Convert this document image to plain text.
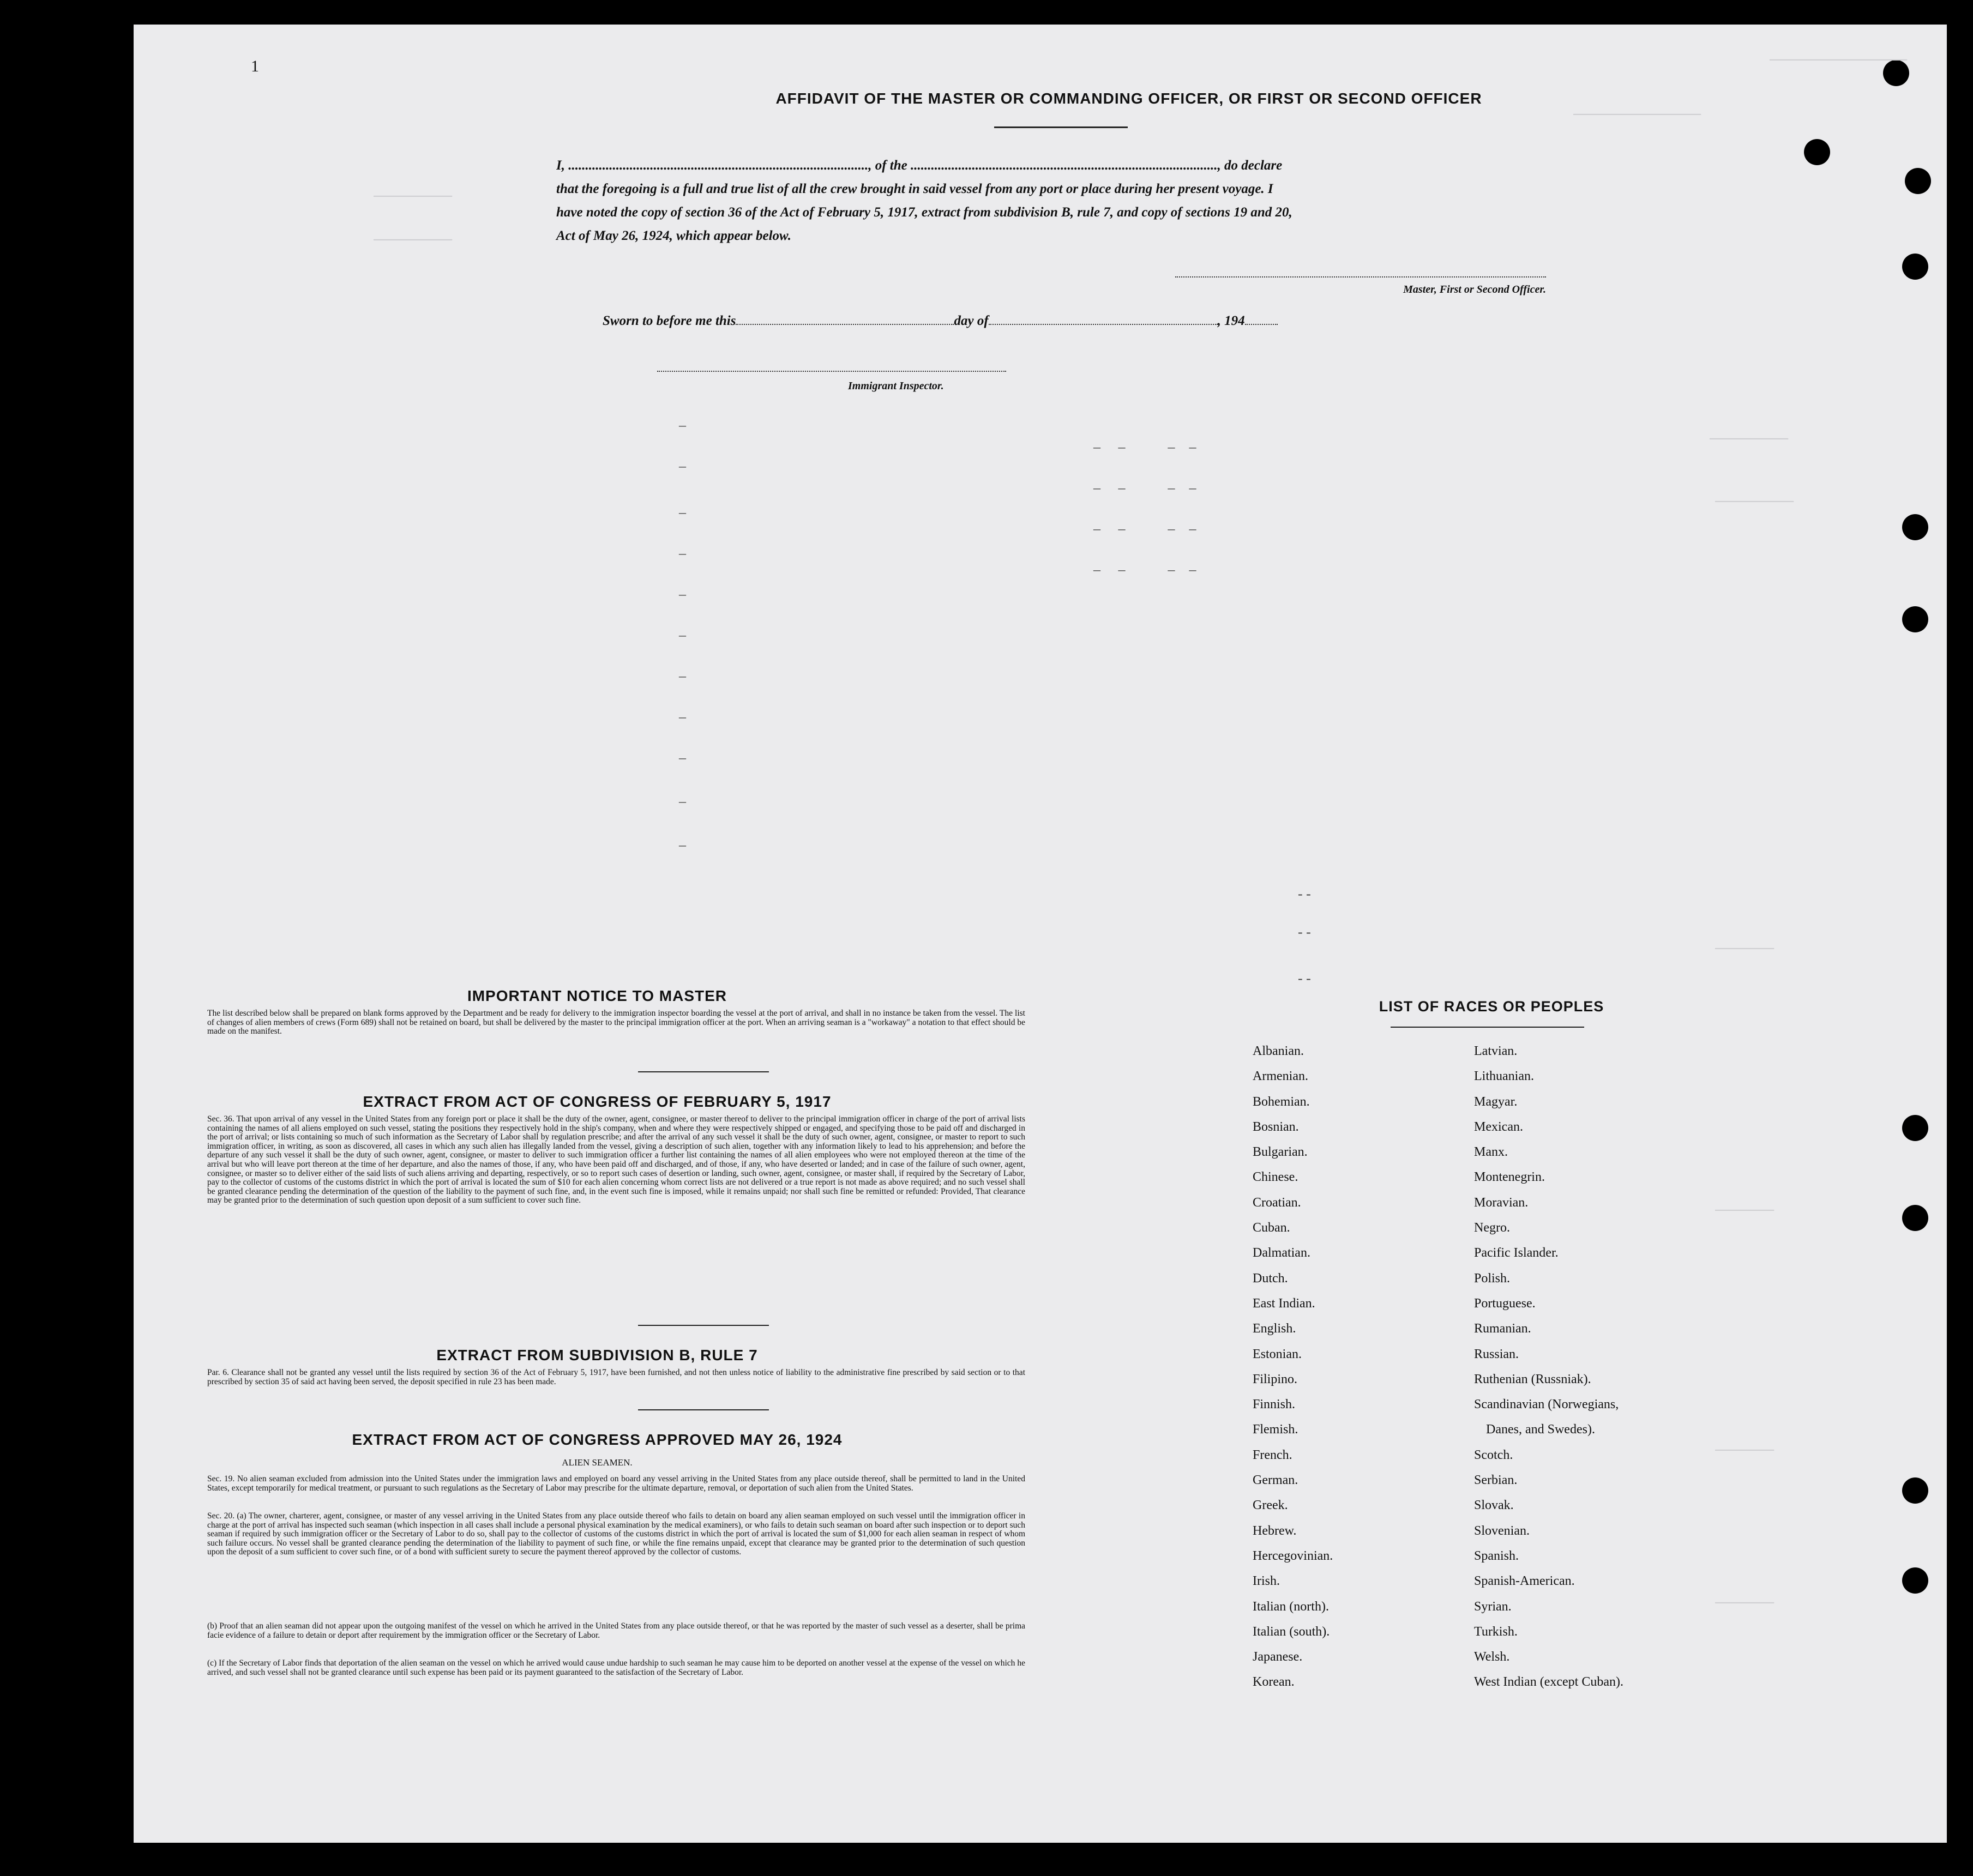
1
────────
────────
──────────────
─────────────
────────
────────
──────
──────
──────
──────
AFFIDAVIT OF THE MASTER OR COMMANDING OFFICER, OR FIRST OR SECOND OFFICER
I, ........................................................................................, of the .........................................................................................., do declare
that the foregoing is a full and true list of all the crew brought in said vessel from any port or place during her present voyage. I
have noted the copy of section 36 of the Act of February 5, 1917, extract from subdivision B, rule 7, and copy of sections 19 and 20,
Act of May 26, 1924, which appear below.
Master, First or Second Officer.
Sworn to before me this	day of	, 194
Immigrant Inspector.
–
–     –            –    –
–
–     –            –    –
–
–     –            –    –
–
–     –            –    –
–
–
–
–
–
–
–
- -
- -
- -
IMPORTANT NOTICE TO MASTER
The list described below shall be prepared on blank forms approved by the Department and be ready for delivery to the immigration inspector boarding the vessel at the port of arrival, and shall in no instance be taken from the vessel. The list of changes of alien members of crews (Form 689) shall not be retained on board, but shall be delivered by the master to the principal immigration officer at the port. When an arriving seaman is a "workaway" a notation to that effect should be made on the manifest.
EXTRACT FROM ACT OF CONGRESS OF FEBRUARY 5, 1917
Sec. 36. That upon arrival of any vessel in the United States from any foreign port or place it shall be the duty of the owner, agent, consignee, or master thereof to deliver to the principal immigration officer in charge of the port of arrival lists containing the names of all aliens employed on such vessel, stating the positions they respectively hold in the ship's company, when and where they were respectively shipped or engaged, and specifying those to be paid off and discharged in the port of arrival; or lists containing so much of such information as the Secretary of Labor shall by regulation prescribe; and after the arrival of any such vessel it shall be the duty of such owner, agent, consignee, or master to report to such immigration officer, in writing, as soon as discovered, all cases in which any such alien has illegally landed from the vessel, giving a description of such alien, together with any information likely to lead to his apprehension; and before the departure of any such vessel it shall be the duty of such owner, agent, consignee, or master to deliver to such immigration officer a further list containing the names of all alien employees who were not employed thereon at the time of the arrival but who will leave port thereon at the time of her departure, and also the names of those, if any, who have been paid off and discharged, and of those, if any, who have deserted or landed; and in case of the failure of such owner, agent, consignee, or master so to deliver either of the said lists of such aliens arriving and departing, respectively, or so to report such cases of desertion or landing, such owner, agent, consignee, or master shall, if required by the Secretary of Labor, pay to the collector of customs of the customs district in which the port of arrival is located the sum of $10 for each alien concerning whom correct lists are not delivered or a true report is not made as above required; and no such vessel shall be granted clearance pending the determination of the question of the liability to the payment of such fine, and, in the event such fine is imposed, while it remains unpaid; nor shall such fine be remitted or refunded: Provided, That clearance may be granted prior to the determination of such question upon deposit of a sum sufficient to cover such fine.
EXTRACT FROM SUBDIVISION B, RULE 7
Par. 6. Clearance shall not be granted any vessel until the lists required by section 36 of the Act of February 5, 1917, have been furnished, and not then unless notice of liability to the administrative fine prescribed by said section or to that prescribed by section 35 of said act having been served, the deposit specified in rule 23 has been made.
EXTRACT FROM ACT OF CONGRESS APPROVED MAY 26, 1924
ALIEN SEAMEN.
Sec. 19. No alien seaman excluded from admission into the United States under the immigration laws and employed on board any vessel arriving in the United States from any place outside thereof, shall be permitted to land in the United States, except temporarily for medical treatment, or pursuant to such regulations as the Secretary of Labor may prescribe for the ultimate departure, removal, or deportation of such alien from the United States.
Sec. 20. (a) The owner, charterer, agent, consignee, or master of any vessel arriving in the United States from any place outside thereof who fails to detain on board any alien seaman employed on such vessel until the immigration officer in charge at the port of arrival has inspected such seaman (which inspection in all cases shall include a personal physical examination by the medical examiners), or who fails to detain such seaman on board after such inspection or to deport such seaman if required by such immigration officer or the Secretary of Labor to do so, shall pay to the collector of customs of the customs district in which the port of arrival is located the sum of $1,000 for each alien seaman in respect of whom such failure occurs. No vessel shall be granted clearance pending the determination of the liability to payment of such fine, or while the fine remains unpaid, except that clearance may be granted prior to the determination of such question upon the deposit of a sum sufficient to cover such fine, or of a bond with sufficient surety to secure the payment thereof approved by the collector of customs.
(b) Proof that an alien seaman did not appear upon the outgoing manifest of the vessel on which he arrived in the United States from any place outside thereof, or that he was reported by the master of such vessel as a deserter, shall be prima facie evidence of a failure to detain or deport after requirement by the immigration officer or the Secretary of Labor.
(c) If the Secretary of Labor finds that deportation of the alien seaman on the vessel on which he arrived would cause undue hardship to such seaman he may cause him to be deported on another vessel at the expense of the vessel on which he arrived, and such vessel shall not be granted clearance until such expense has been paid or its payment guaranteed to the satisfaction of the Secretary of Labor.
LIST OF RACES OR PEOPLES
Albanian.
Armenian.
Bohemian.
Bosnian.
Bulgarian.
Chinese.
Croatian.
Cuban.
Dalmatian.
Dutch.
East Indian.
English.
Estonian.
Filipino.
Finnish.
Flemish.
French.
German.
Greek.
Hebrew.
Hercegovinian.
Irish.
Italian (north).
Italian (south).
Japanese.
Korean.
Latvian.
Lithuanian.
Magyar.
Mexican.
Manx.
Montenegrin.
Moravian.
Negro.
Pacific Islander.
Polish.
Portuguese.
Rumanian.
Russian.
Ruthenian (Russniak).
Scandinavian (Norwegians,
Danes, and Swedes).
Scotch.
Serbian.
Slovak.
Slovenian.
Spanish.
Spanish-American.
Syrian.
Turkish.
Welsh.
West Indian (except Cuban).
